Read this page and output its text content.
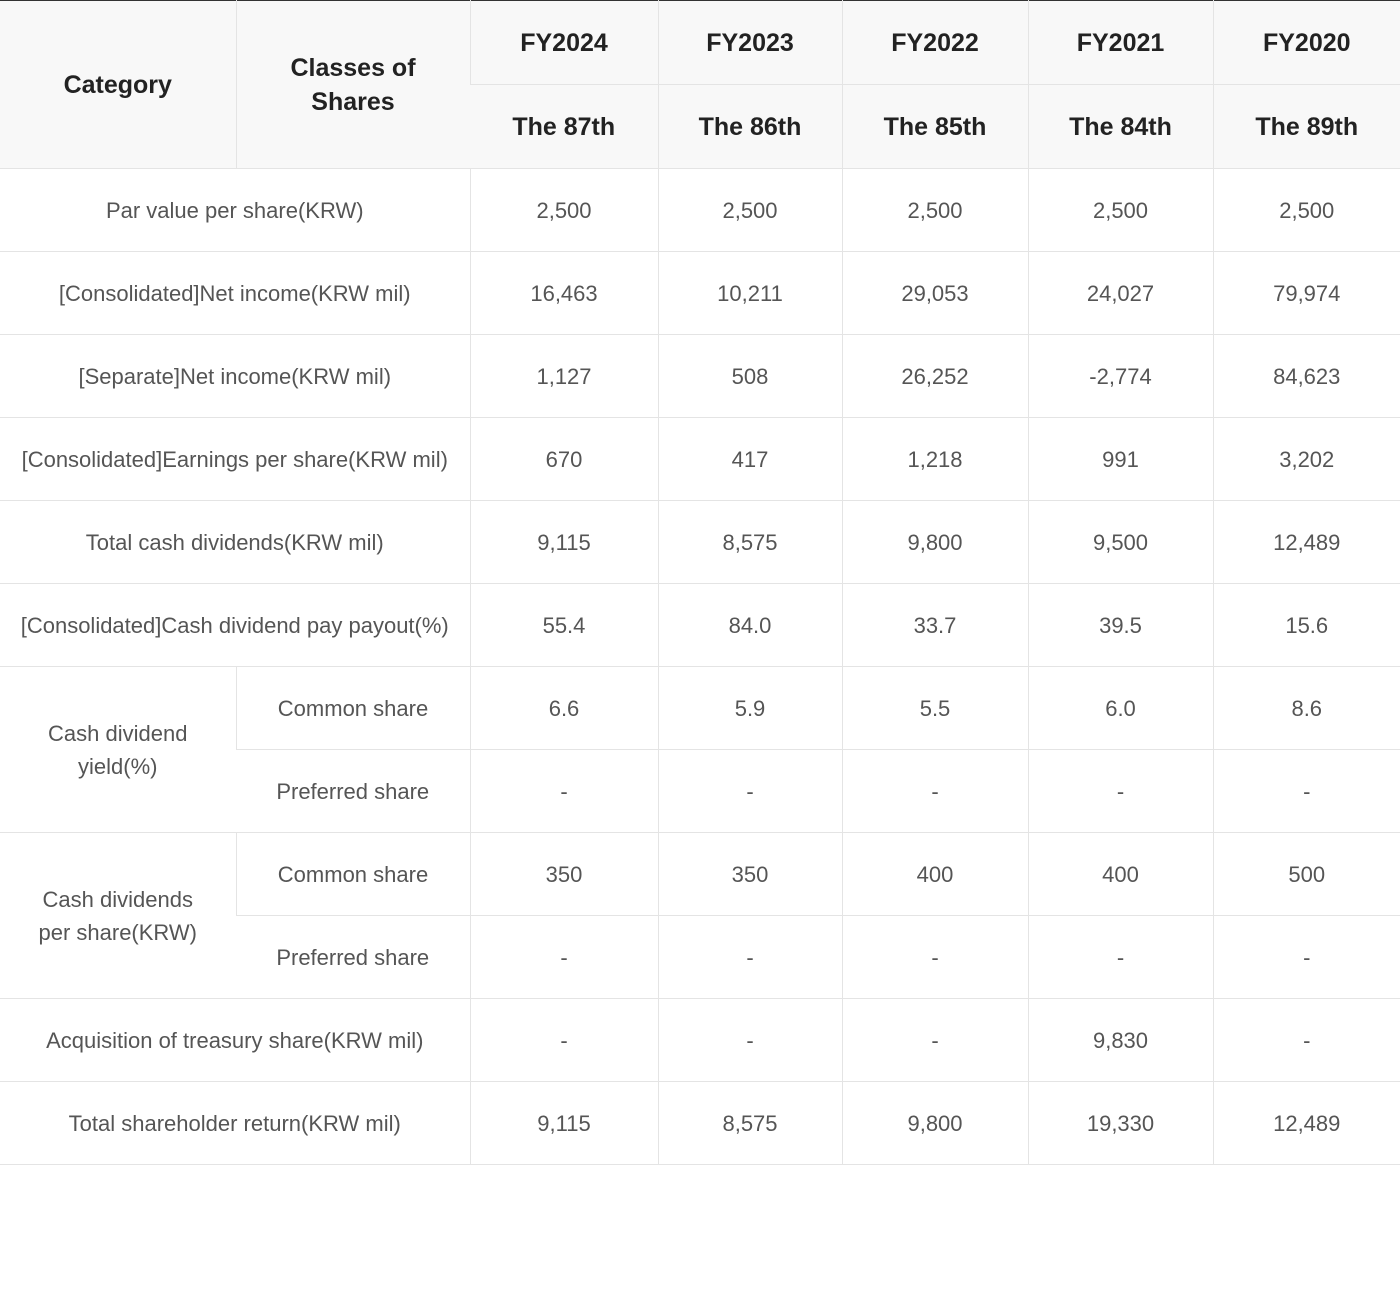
Category	Classes of Shares	FY2024	FY2023	FY2022	FY2021	FY2020
		The 87th	The 86th	The 85th	The 84th	The 89th
Par value per share(KRW)		2,500	2,500	2,500	2,500	2,500
[Consolidated]Net income(KRW mil)		16,463	10,211	29,053	24,027	79,974
[Separate]Net income(KRW mil)		1,127	508	26,252	-2,774	84,623
[Consolidated]Earnings per share(KRW mil)		670	417	1,218	991	3,202
Total cash dividends(KRW mil)		9,115	8,575	9,800	9,500	12,489
[Consolidated]Cash dividend pay payout(%)		55.4	84.0	33.7	39.5	15.6
Cash dividend yield(%)	Common share	6.6	5.9	5.5	6.0	8.6
	Preferred share	-	-	-	-	-
Cash dividends per share(KRW)	Common share	350	350	400	400	500
	Preferred share	-	-	-	-	-
Acquisition of treasury share(KRW mil)		-	-	-	9,830	-
Total shareholder return(KRW mil)		9,115	8,575	9,800	19,330	12,489
